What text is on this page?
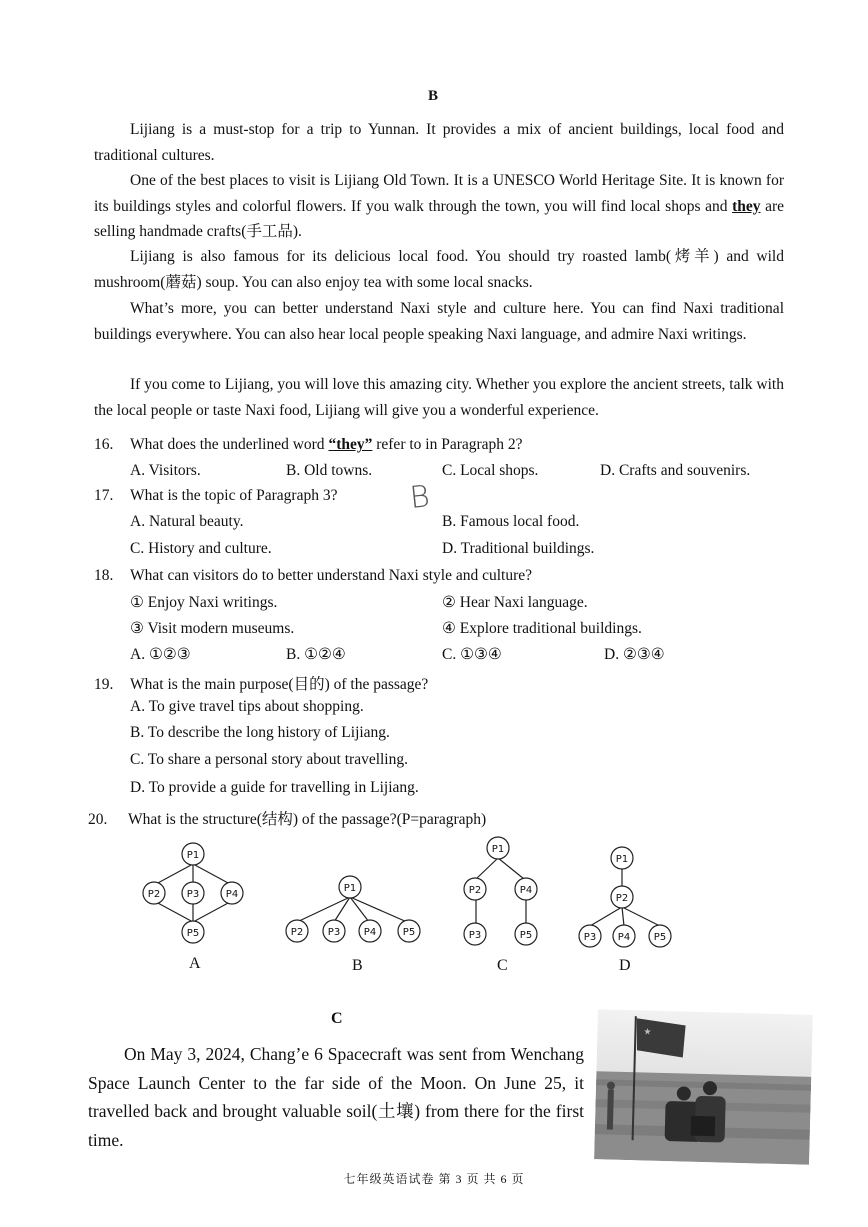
B

Lijiang is a must-stop for a trip to Yunnan. It provides a mix of ancient buildings, local food and traditional cultures.

One of the best places to visit is Lijiang Old Town. It is a UNESCO World Heritage Site. It is known for its buildings styles and colorful flowers. If you walk through the town, you will find local shops and they are selling handmade crafts(手工品).

Lijiang is also famous for its delicious local food. You should try roasted lamb(烤羊) and wild mushroom(蘑菇) soup. You can also enjoy tea with some local snacks.

What’s more, you can better understand Naxi style and culture here. You can find Naxi traditional buildings everywhere. You can also hear local people speaking Naxi language, and admire Naxi writings.

If you come to Lijiang, you will love this amazing city. Whether you explore the ancient streets, talk with the local people or taste Naxi food, Lijiang will give you a wonderful experience.

16. What does the underlined word “they” refer to in Paragraph 2?
A. Visitors.	B. Old towns.	C. Local shops.	D. Crafts and souvenirs.
17. What is the topic of Paragraph 3? B
A. Natural beauty.	B. Famous local food.
C. History and culture.	D. Traditional buildings.
18. What can visitors do to better understand Naxi style and culture?
① Enjoy Naxi writings.	② Hear Naxi language.
③ Visit modern museums.	④ Explore traditional buildings.
A. ①②③	B. ①②④	C. ①③④	D. ②③④
19. What is the main purpose(目的) of the passage?
A. To give travel tips about shopping.
B. To describe the long history of Lijiang.
C. To share a personal story about travelling.
D. To provide a guide for travelling in Lijiang.
20. What is the structure(结构) of the passage?(P=paragraph)
P1
P2	P3	P4
P5
A
P1
P2 P3 P4	P5
B
P1
P2	P4
P3	P5
C
P1
P2
P3 P4 P5
D
C

On May 3, 2024, Chang’e 6 Spacecraft was sent from Wenchang Space Launch Center to the far side of the Moon. On June 25, it travelled back and brought valuable soil(土壤) from there for the first time.

★
七年级英语试卷 第 3 页 共 6 页
